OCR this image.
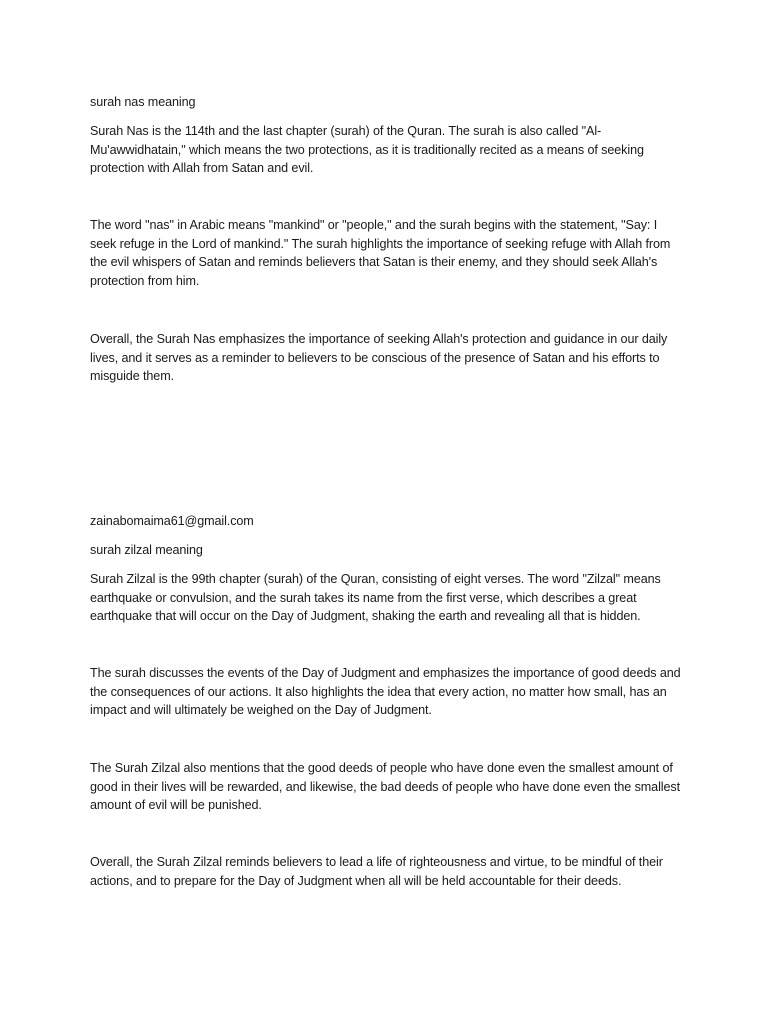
surah nas meaning

Surah Nas is the 114th and the last chapter (surah) of the Quran. The surah is also called "Al-Mu'awwidhatain," which means the two protections, as it is traditionally recited as a means of seeking protection with Allah from Satan and evil.

The word "nas" in Arabic means "mankind" or "people," and the surah begins with the statement, "Say: I seek refuge in the Lord of mankind." The surah highlights the importance of seeking refuge with Allah from the evil whispers of Satan and reminds believers that Satan is their enemy, and they should seek Allah's protection from him.

Overall, the Surah Nas emphasizes the importance of seeking Allah's protection and guidance in our daily lives, and it serves as a reminder to believers to be conscious of the presence of Satan and his efforts to misguide them.

zainabomaima61@gmail.com

surah zilzal meaning

Surah Zilzal is the 99th chapter (surah) of the Quran, consisting of eight verses. The word "Zilzal" means earthquake or convulsion, and the surah takes its name from the first verse, which describes a great earthquake that will occur on the Day of Judgment, shaking the earth and revealing all that is hidden.

The surah discusses the events of the Day of Judgment and emphasizes the importance of good deeds and the consequences of our actions. It also highlights the idea that every action, no matter how small, has an impact and will ultimately be weighed on the Day of Judgment.

The Surah Zilzal also mentions that the good deeds of people who have done even the smallest amount of good in their lives will be rewarded, and likewise, the bad deeds of people who have done even the smallest amount of evil will be punished.

Overall, the Surah Zilzal reminds believers to lead a life of righteousness and virtue, to be mindful of their actions, and to prepare for the Day of Judgment when all will be held accountable for their deeds.
